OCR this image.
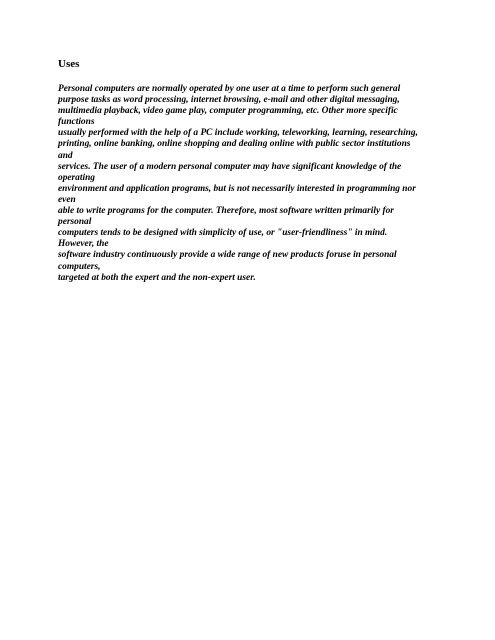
Uses
Personal computers are normally operated by one user at a time to perform such general
purpose tasks as word processing, internet browsing, e-mail and other digital messaging,
multimedia playback, video game play, computer programming, etc. Other more specific
functions
usually performed with the help of a PC include working, teleworking, learning, researching,
printing, online banking, online shopping and dealing online with public sector institutions
and
services. The user of a modern personal computer may have significant knowledge of the
operating
environment and application programs, but is not necessarily interested in programming nor
even
able to write programs for the computer. Therefore, most software written primarily for
personal
computers tends to be designed with simplicity of use, or "user-friendliness" in mind.
However, the
software industry continuously provide a wide range of new products foruse in personal
computers,
targeted at both the expert and the non-expert user.
